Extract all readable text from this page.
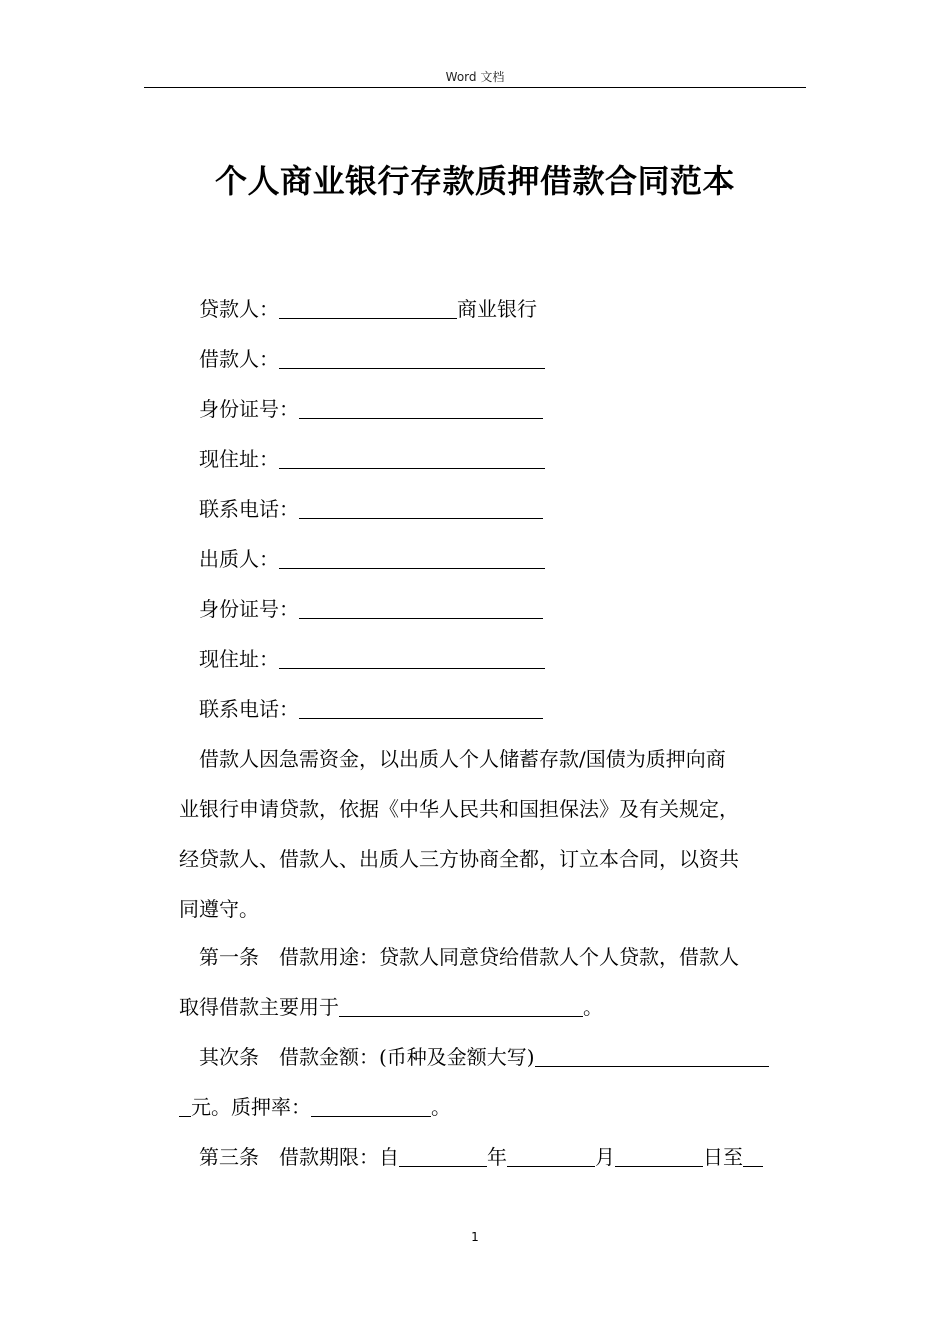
Word 文档
个人商业银行存款质押借款合同范本
贷款人：	商业银行
借款人：
身份证号：
现住址：
联系电话：
出质人：
身份证号：
现住址：
联系电话：
借款人因急需资金，以出质人个人储蓄存款/国债为质押向商
业银行申请贷款，依据《中华人民共和国担保法》及有关规定，
经贷款人、借款人、出质人三方协商全都，订立本合同，以资共
同遵守。
第一条　借款用途：贷款人同意贷给借款人个人贷款，借款人
取得借款主要用于	。
其次条　借款金额：(币种及金额大写)
元。质押率：	。
第三条　借款期限：自	年	月	日至
1
